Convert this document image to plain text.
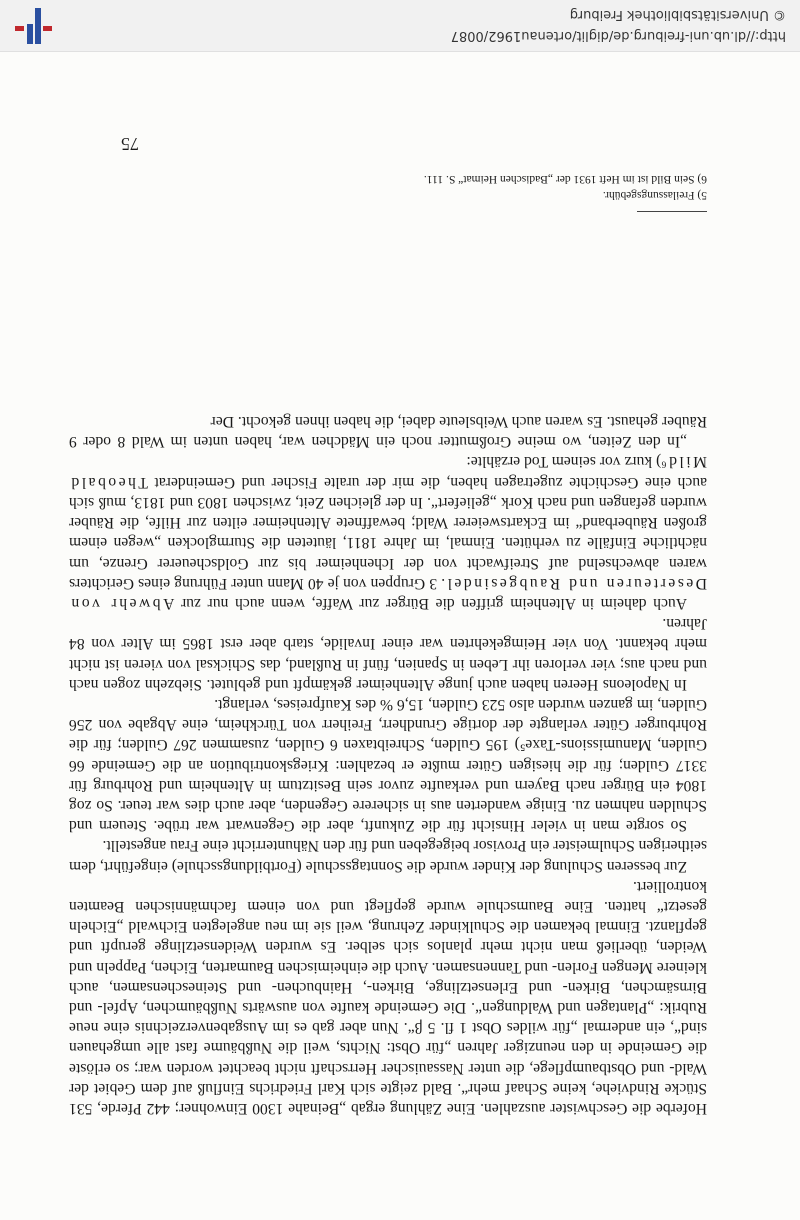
Hoferbe die Geschwister auszahlen. Eine Zählung ergab „Beinahe 1300 Einwohner; 442 Pferde, 531 Stücke Rindviehe, keine Schaaf mehr“. Bald zeigte sich Karl Friedrichs Einfluß auf dem Gebiet der Wald- und Obstbaumpflege, die unter Nassauischer Herrschaft nicht beachtet worden war; so erlöste die Gemeinde in den neunziger Jahren „für Obst: Nichts, weil die Nußbäume fast alle umgehauen sind“, ein andermal „für wildes Obst 1 fl. 5 β“. Nun aber gab es im Ausgabenverzeichnis eine neue Rubrik: „Plantagen und Waldungen“. Die Gemeinde kaufte von auswärts Nußbäumchen, Apfel- und Birnsämchen, Birken- und Erlensetzlinge, Birken-, Hainbuchen- und Steineschensamen, auch kleinere Mengen Forlen- und Tannensamen. Auch die einheimischen Baumarten, Eichen, Pappeln und Weiden, überließ man nicht mehr planlos sich selber. Es wurden Weidensetzlinge gerupft und gepflanzt. Einmal bekamen die Schulkinder Zehrung, weil sie im neu angelegten Eichwald „Eicheln gesetzt“ hatten. Eine Baumschule wurde gepflegt und von einem fachmännischen Beamten kontrolliert.

Zur besseren Schulung der Kinder wurde die Sonntagsschule (Fortbildungsschule) eingeführt, dem seitherigen Schulmeister ein Provisor beigegeben und für den Nähunterricht eine Frau angestellt.

So sorgte man in vieler Hinsicht für die Zukunft, aber die Gegenwart war trübe. Steuern und Schulden nahmen zu. Einige wanderten aus in sicherere Gegenden, aber auch dies war teuer. So zog 1804 ein Bürger nach Bayern und verkaufte zuvor sein Besitztum in Altenheim und Rohrburg für 3317 Gulden; für die hiesigen Güter mußte er bezahlen: Kriegskontribution an die Gemeinde 66 Gulden, Manumissions-Taxe⁵) 195 Gulden, Schreibtaxen 6 Gulden, zusammen 267 Gulden; für die Rohrburger Güter verlangte der dortige Grundherr, Freiherr von Türckheim, eine Abgabe von 256 Gulden, im ganzen wurden also 523 Gulden, 15,6 % des Kaufpreises, verlangt.

In Napoleons Heeren haben auch junge Altenheimer gekämpft und geblutet. Siebzehn zogen nach und nach aus; vier verloren ihr Leben in Spanien, fünf in Rußland, das Schicksal von vieren ist nicht mehr bekannt. Von vier Heimgekehrten war einer Invalide, starb aber erst 1865 im Alter von 84 Jahren.

Auch daheim in Altenheim griffen die Bürger zur Waffe, wenn auch nur zur Abwehr von Deserteuren und Raubgesindel. 3 Gruppen von je 40 Mann unter Führung eines Gerichters waren abwechselnd auf Streifwacht von der Ichenheimer bis zur Goldscheuerer Grenze, um nächtliche Einfälle zu verhüten. Einmal, im Jahre 1811, läuteten die Sturmglocken „wegen einem großen Räuberband“ im Eckartsweierer Wald; bewaffnete Altenheimer eilten zur Hilfe, die Räuber wurden gefangen und nach Kork „geliefert“. In der gleichen Zeit, zwischen 1803 und 1813, muß sich auch eine Geschichte zugetragen haben, die mir der uralte Fischer und Gemeinderat Theobald Mild⁶) kurz vor seinem Tod erzählte:

„In den Zeiten, wo meine Großmutter noch ein Mädchen war, haben unten im Wald 8 oder 9 Räuber gehaust. Es waren auch Weibsleute dabei, die haben ihnen gekocht. Der

5) Freilassungsgebühr.

6) Sein Bild ist im Heft 1931 der „Badischen Heimat“ S. 111.

75
http://dl.ub.uni-freiburg.de/diglit/ortenau1962/0087
© Universitätsbibliothek Freiburg
